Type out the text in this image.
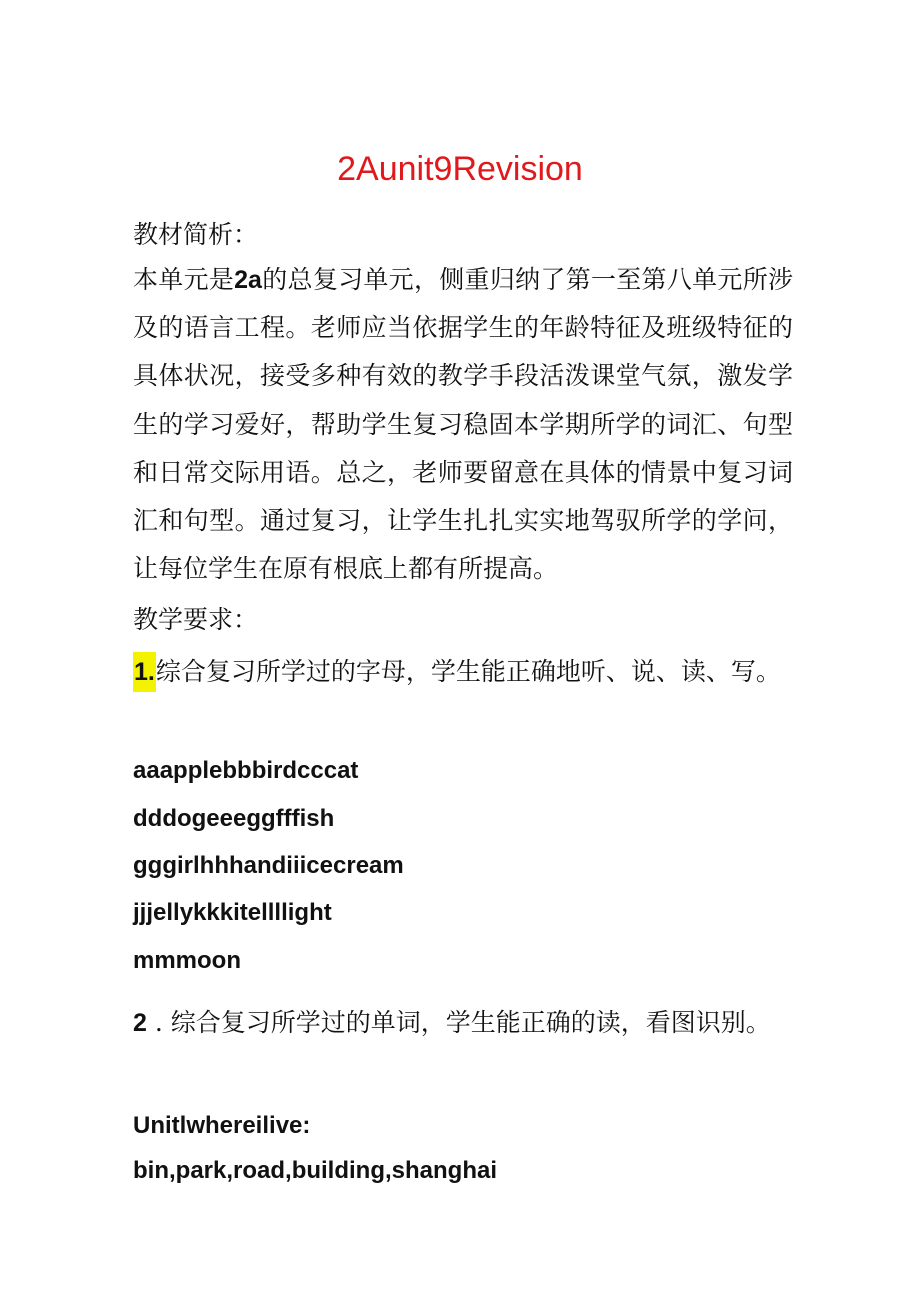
2Aunit9Revision
教材简析：
本单元是2a的总复习单元，侧重归纳了第一至第八单元所涉及的语言工程。老师应当依据学生的年龄特征及班级特征的具体状况，接受多种有效的教学手段活泼课堂气氛，激发学生的学习爱好，帮助学生复习稳固本学期所学的词汇、句型和日常交际用语。总之，老师要留意在具体的情景中复习词汇和句型。通过复习，让学生扎扎实实地驾驭所学的学问，让每位学生在原有根底上都有所提高。
教学要求：
1.综合复习所学过的字母，学生能正确地听、说、读、写。
aaapplebbbirdcccat
dddogeeeggfffish
gggirlhhhandiiicecream
jjjellykkkitellllight
mmmoon
2 . 综合复习所学过的单词，学生能正确的读，看图识别。
Unitlwhereilive:
bin,park,road,building,shanghai
